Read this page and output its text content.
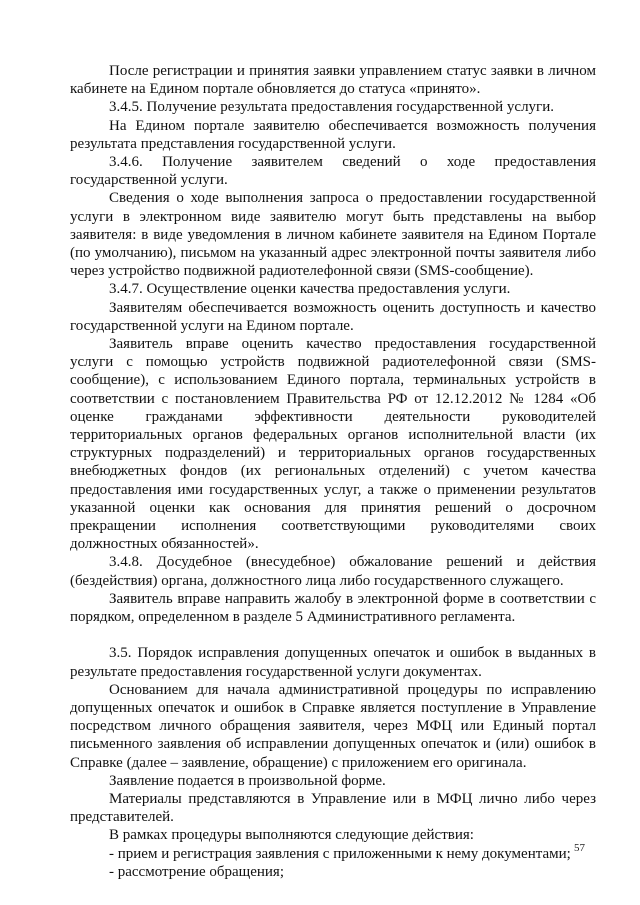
После регистрации и принятия заявки управлением статус заявки в личном кабинете на Едином портале обновляется до статуса «принято».

3.4.5. Получение результата предоставления государственной услуги.

На Едином портале заявителю обеспечивается возможность получения результата представления государственной услуги.

3.4.6. Получение заявителем сведений о ходе предоставления государственной услуги.

Сведения о ходе выполнения запроса о предоставлении государственной услуги в электронном виде заявителю могут быть представлены на выбор заявителя: в виде уведомления в личном кабинете заявителя на Едином Портале (по умолчанию), письмом на указанный адрес электронной почты заявителя либо через устройство подвижной радиотелефонной связи (SMS-сообщение).

3.4.7. Осуществление оценки качества предоставления услуги.

Заявителям обеспечивается возможность оценить доступность и качество государственной услуги на Едином портале.

Заявитель вправе оценить качество предоставления государственной услуги с помощью устройств подвижной радиотелефонной связи (SMS-сообщение), с использованием Единого портала, терминальных устройств в соответствии с постановлением Правительства РФ от 12.12.2012 № 1284 «Об оценке гражданами эффективности деятельности руководителей территориальных органов федеральных органов исполнительной власти (их структурных подразделений) и территориальных органов государственных внебюджетных фондов (их региональных отделений) с учетом качества предоставления ими государственных услуг, а также о применении результатов указанной оценки как основания для принятия решений о досрочном прекращении исполнения соответствующими руководителями своих должностных обязанностей».

3.4.8. Досудебное (внесудебное) обжалование решений и действия (бездействия) органа, должностного лица либо государственного служащего.

Заявитель вправе направить жалобу в электронной форме в соответствии с порядком, определенном в разделе 5 Административного регламента.

3.5. Порядок исправления допущенных опечаток и ошибок в выданных в результате предоставления государственной услуги документах.

Основанием для начала административной процедуры по исправлению допущенных опечаток и ошибок в Справке является поступление в Управление посредством личного обращения заявителя, через МФЦ или Единый портал письменного заявления об исправлении допущенных опечаток и (или) ошибок в Справке (далее – заявление, обращение) с приложением его оригинала.

Заявление подается в произвольной форме.

Материалы представляются в Управление или в МФЦ лично либо через представителей.

В рамках процедуры выполняются следующие действия:

- прием и регистрация заявления с приложенными к нему документами;

- рассмотрение обращения;

57
